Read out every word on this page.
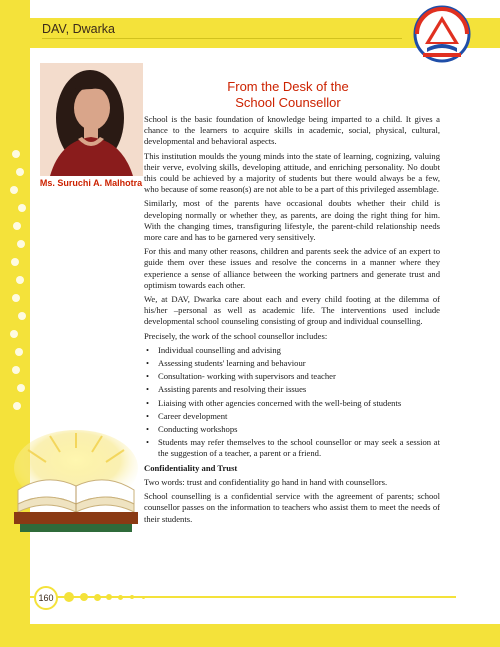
DAV, Dwarka
Ms. Suruchi A. Malhotra
From the Desk of the
School Counsellor

School is the basic foundation of knowledge being imparted to a child. It gives a chance to the learners to acquire skills in academic, social, physical, cultural, developmental and behavioral aspects.

This institution moulds the young minds into the state of learning, cognizing, valuing their verve, evolving skills, developing attitude, and enriching personality. No doubt this could be achieved by a majority of students but there would always be a few, who because of some reason(s) are not able to be a part of this privileged assemblage.

Similarly, most of the parents have occasional doubts whether their child is developing normally or whether they, as parents, are doing the right thing for him. With the changing times, transfiguring lifestyle, the parent-child relationship needs more care and has to be garnered very sensitively.

For this and many other reasons, children and parents seek the advice of an expert to guide them over these issues and resolve the concerns in a manner where they experience a sense of alliance between the working partners and generate trust and optimism towards each other.

We, at DAV, Dwarka care about each and every child footing at the dilemma of his/her –personal as well as academic life. The interventions used include developmental school counseling consisting of group and individual counselling.

Precisely, the work of the school counsellor includes:

• Individual counselling and advising
• Assessing students' learning and behaviour
• Consultation- working with supervisors and teacher
• Assisting parents and resolving their issues
• Liaising with other agencies concerned with the well-being of students
• Career development
• Conducting workshops
• Students may refer themselves to the school counsellor or may seek a session at the suggestion of a teacher, a parent or a friend.
Confidentiality and Trust

Two words: trust and confidentiality go hand in hand with counsellors.

School counselling is a confidential service with the agreement of parents; school counsellor passes on the information to teachers who assist them to meet the needs of their students.

160
